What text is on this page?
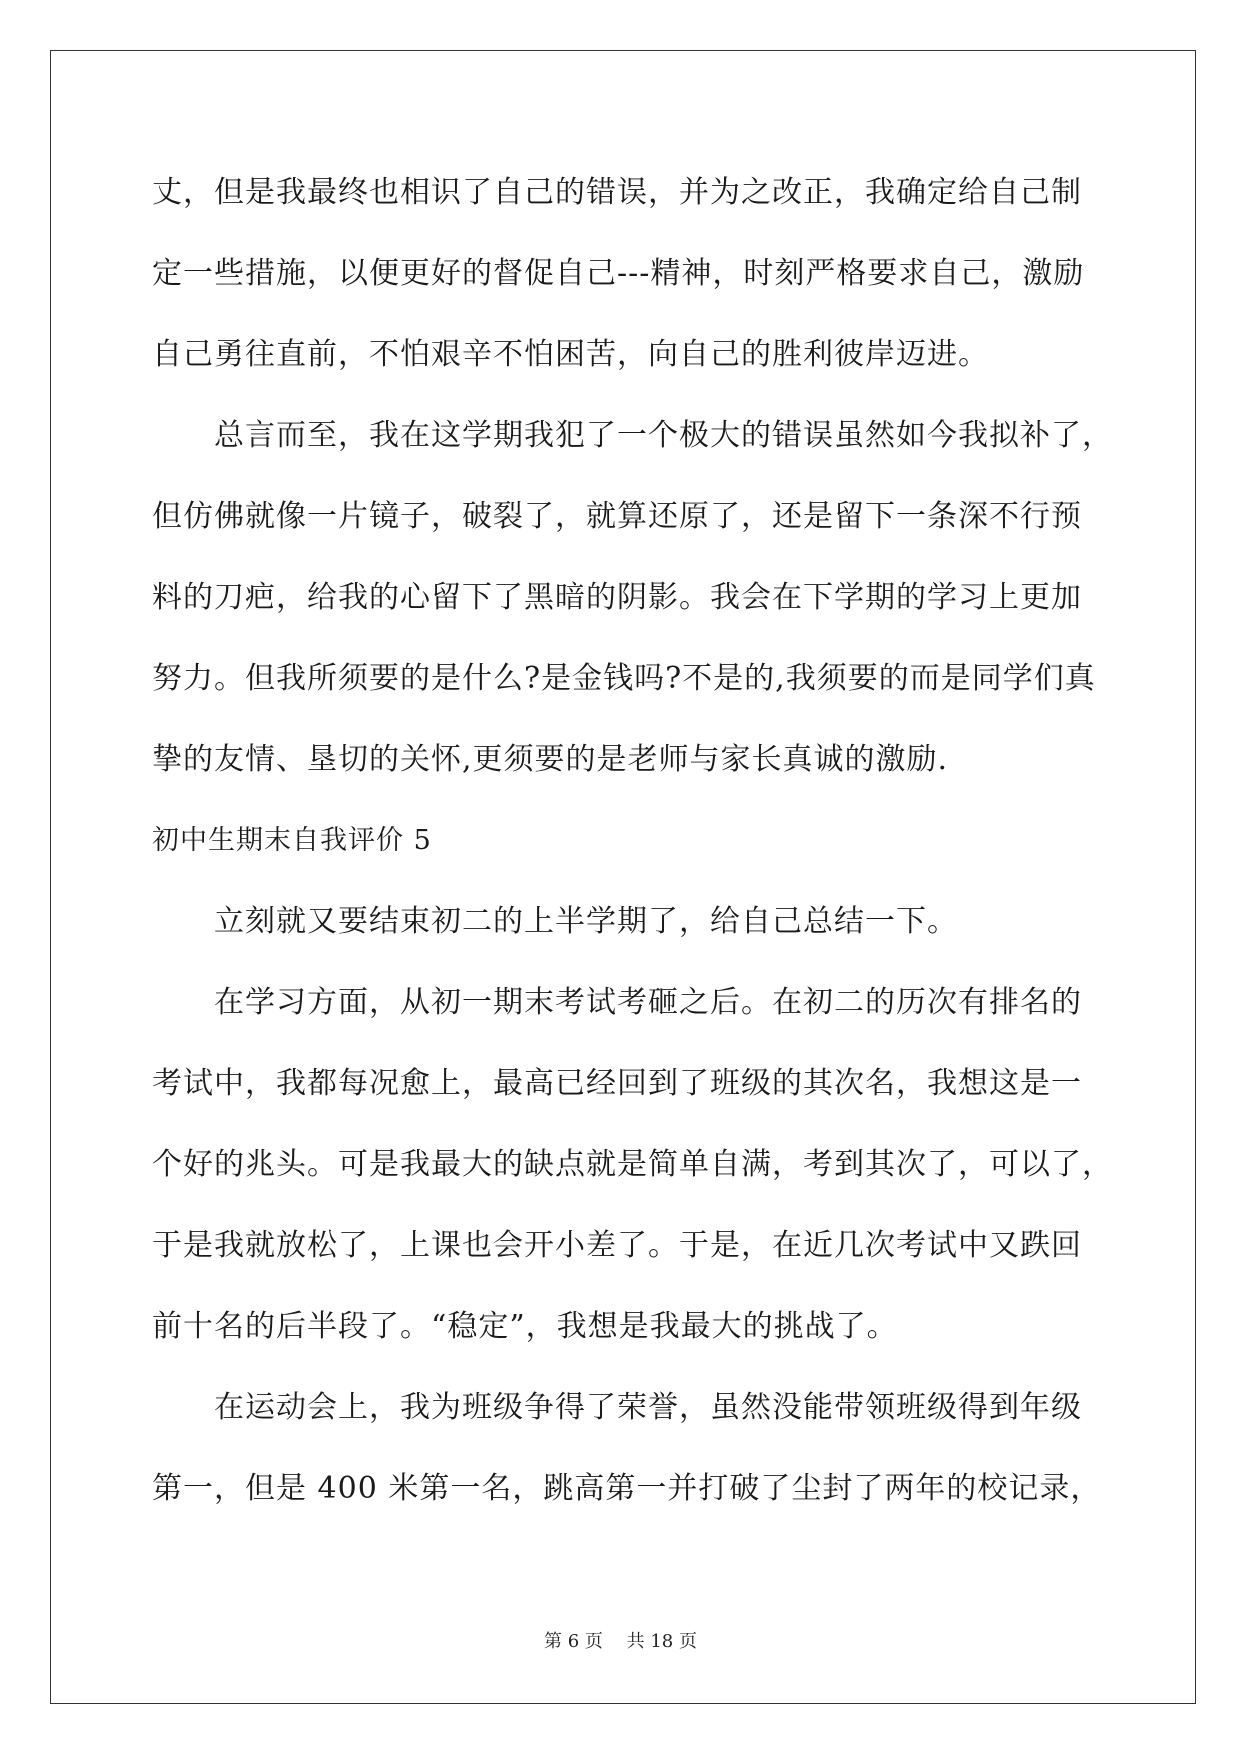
丈，但是我最终也相识了自己的错误，并为之改正，我确定给自己制
定一些措施，以便更好的督促自己---精神，时刻严格要求自己，激励
自己勇往直前，不怕艰辛不怕困苦，向自己的胜利彼岸迈进。
总言而至，我在这学期我犯了一个极大的错误虽然如今我拟补了，
但仿佛就像一片镜子，破裂了，就算还原了，还是留下一条深不行预
料的刀疤，给我的心留下了黑暗的阴影。我会在下学期的学习上更加
努力。但我所须要的是什么?是金钱吗?不是的,我须要的而是同学们真
挚的友情、垦切的关怀,更须要的是老师与家长真诚的激励.
初中生期末自我评价 5
立刻就又要结束初二的上半学期了，给自己总结一下。
在学习方面，从初一期末考试考砸之后。在初二的历次有排名的
考试中，我都每况愈上，最高已经回到了班级的其次名，我想这是一
个好的兆头。可是我最大的缺点就是简单自满，考到其次了，可以了，
于是我就放松了，上课也会开小差了。于是，在近几次考试中又跌回
前十名的后半段了。“稳定”，我想是我最大的挑战了。
在运动会上，我为班级争得了荣誉，虽然没能带领班级得到年级
第一，但是 400 米第一名，跳高第一并打破了尘封了两年的校记录，
第 6 页　 共 18 页
